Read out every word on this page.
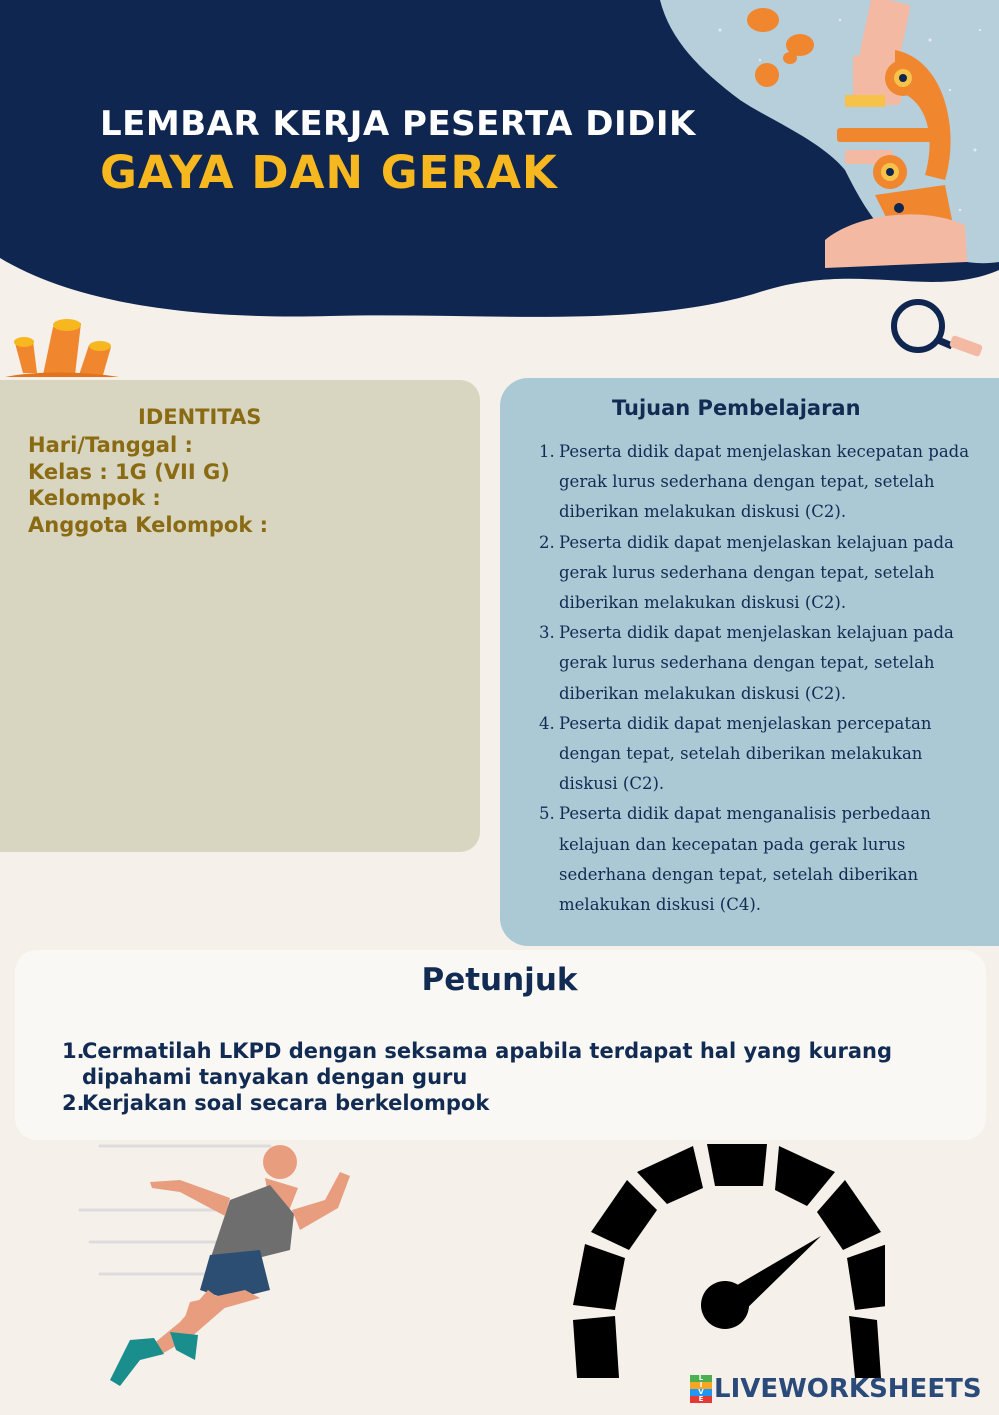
LEMBAR KERJA PESERTA DIDIK
GAYA DAN GERAK
IDENTITAS
Hari/Tanggal :
Kelas : 1G (VII G)
Kelompok :
Anggota Kelompok :
Tujuan Pembelajaran
1. Peserta didik dapat menjelaskan kecepatan pada gerak lurus sederhana dengan tepat, setelah diberikan melakukan diskusi (C2).
2. Peserta didik dapat menjelaskan kelajuan pada gerak lurus sederhana dengan tepat, setelah diberikan melakukan diskusi (C2).
3. Peserta didik dapat menjelaskan kelajuan pada gerak lurus sederhana dengan tepat, setelah diberikan melakukan diskusi (C2).
4. Peserta didik dapat menjelaskan percepatan dengan tepat, setelah diberikan melakukan diskusi (C2).
5. Peserta didik dapat menganalisis perbedaan kelajuan dan kecepatan pada gerak lurus sederhana dengan tepat, setelah diberikan melakukan diskusi (C4).
Petunjuk
1.
Cermatilah LKPD dengan seksama apabila terdapat hal yang kurang dipahami tanyakan dengan guru
2.
Kerjakan soal secara berkelompok
L
I
V
E LIVEWORKSHEETS
